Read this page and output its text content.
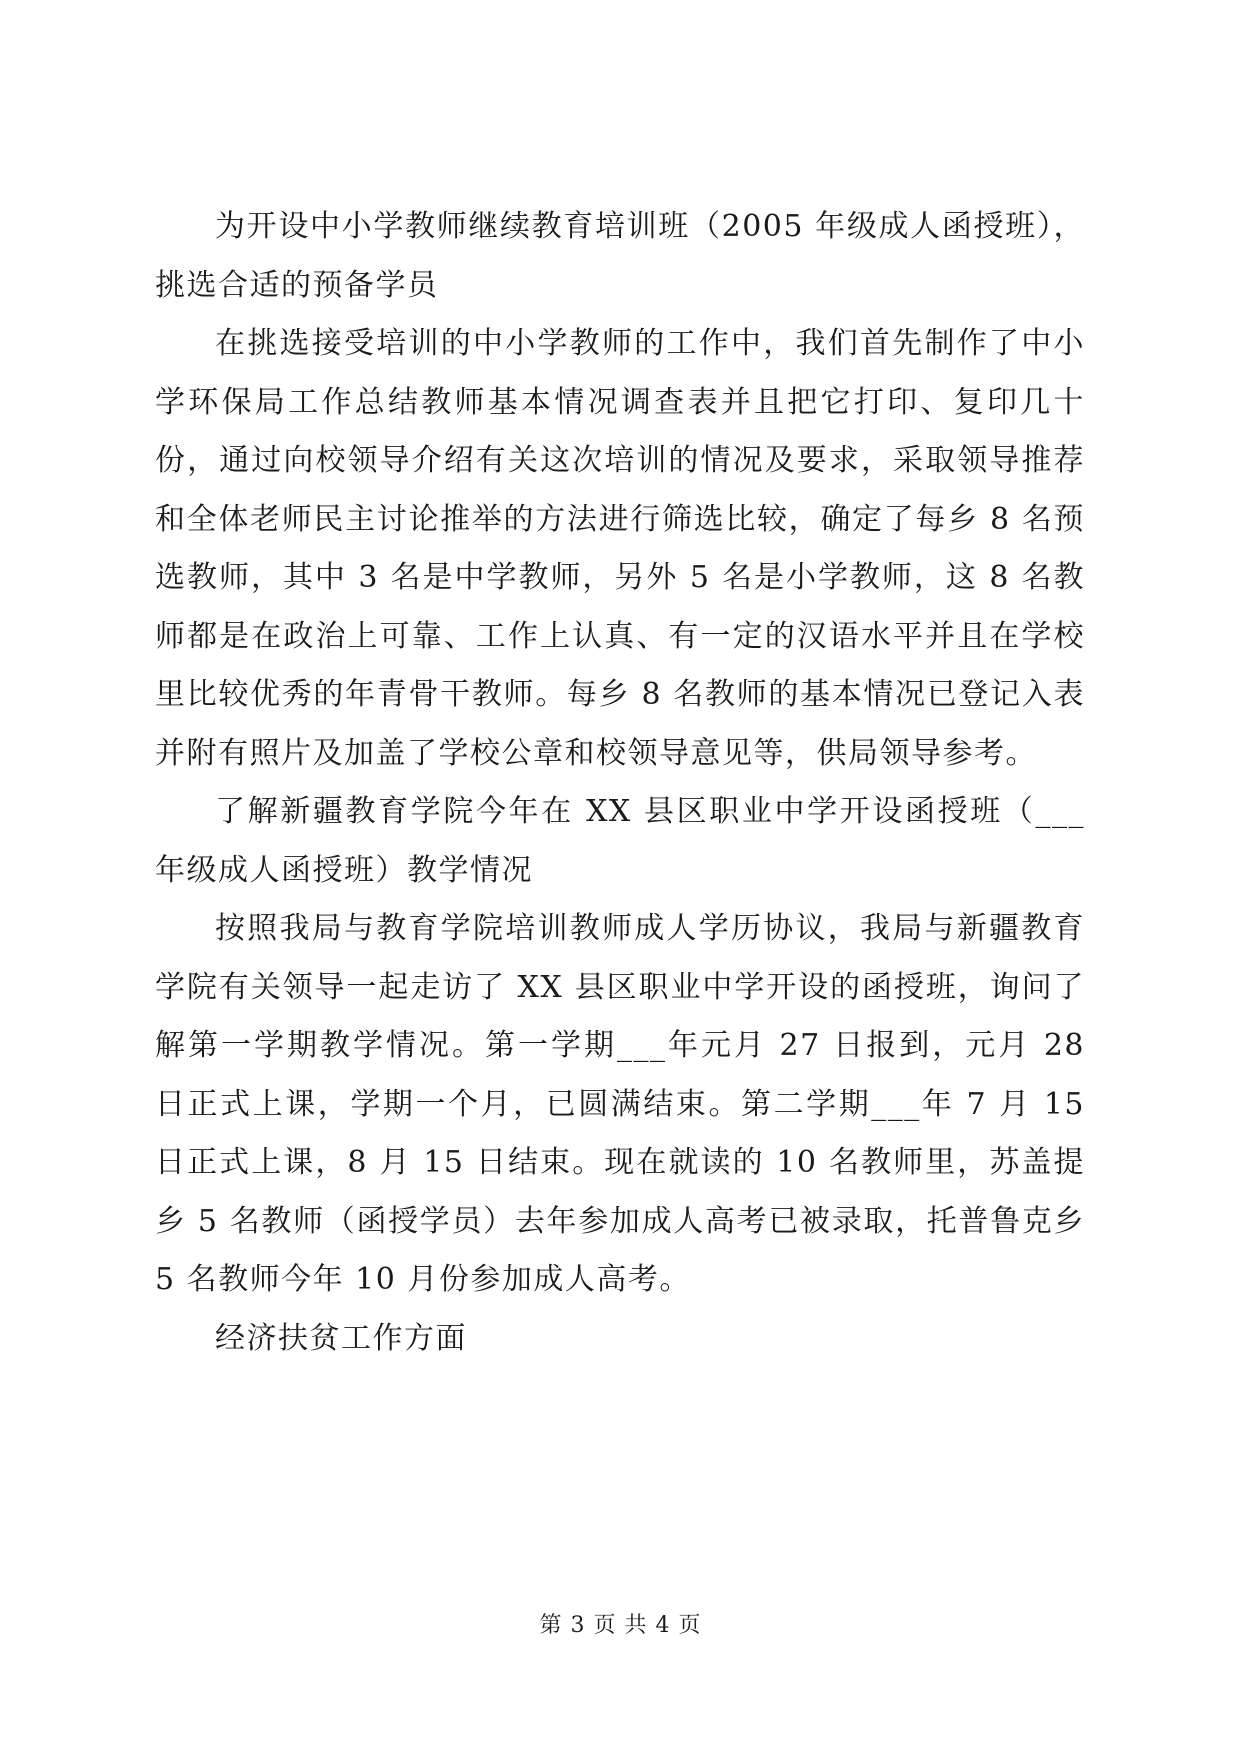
为开设中小学教师继续教育培训班（2005 年级成人函授班），挑选合适的预备学员

在挑选接受培训的中小学教师的工作中，我们首先制作了中小学环保局工作总结教师基本情况调查表并且把它打印、复印几十份，通过向校领导介绍有关这次培训的情况及要求，采取领导推荐和全体老师民主讨论推举的方法进行筛选比较，确定了每乡 8 名预选教师，其中 3 名是中学教师，另外 5 名是小学教师，这 8 名教师都是在政治上可靠、工作上认真、有一定的汉语水平并且在学校里比较优秀的年青骨干教师。每乡 8 名教师的基本情况已登记入表并附有照片及加盖了学校公章和校领导意见等，供局领导参考。

了解新疆教育学院今年在 XX 县区职业中学开设函授班（___年级成人函授班）教学情况

按照我局与教育学院培训教师成人学历协议，我局与新疆教育学院有关领导一起走访了 XX 县区职业中学开设的函授班，询问了解第一学期教学情况。第一学期___年元月 27 日报到，元月 28 日正式上课，学期一个月，已圆满结束。第二学期___年 7 月 15 日正式上课，8 月 15 日结束。现在就读的 10 名教师里，苏盖提乡 5 名教师（函授学员）去年参加成人高考已被录取，托普鲁克乡 5 名教师今年 10 月份参加成人高考。

经济扶贫工作方面

第 3 页 共 4 页
